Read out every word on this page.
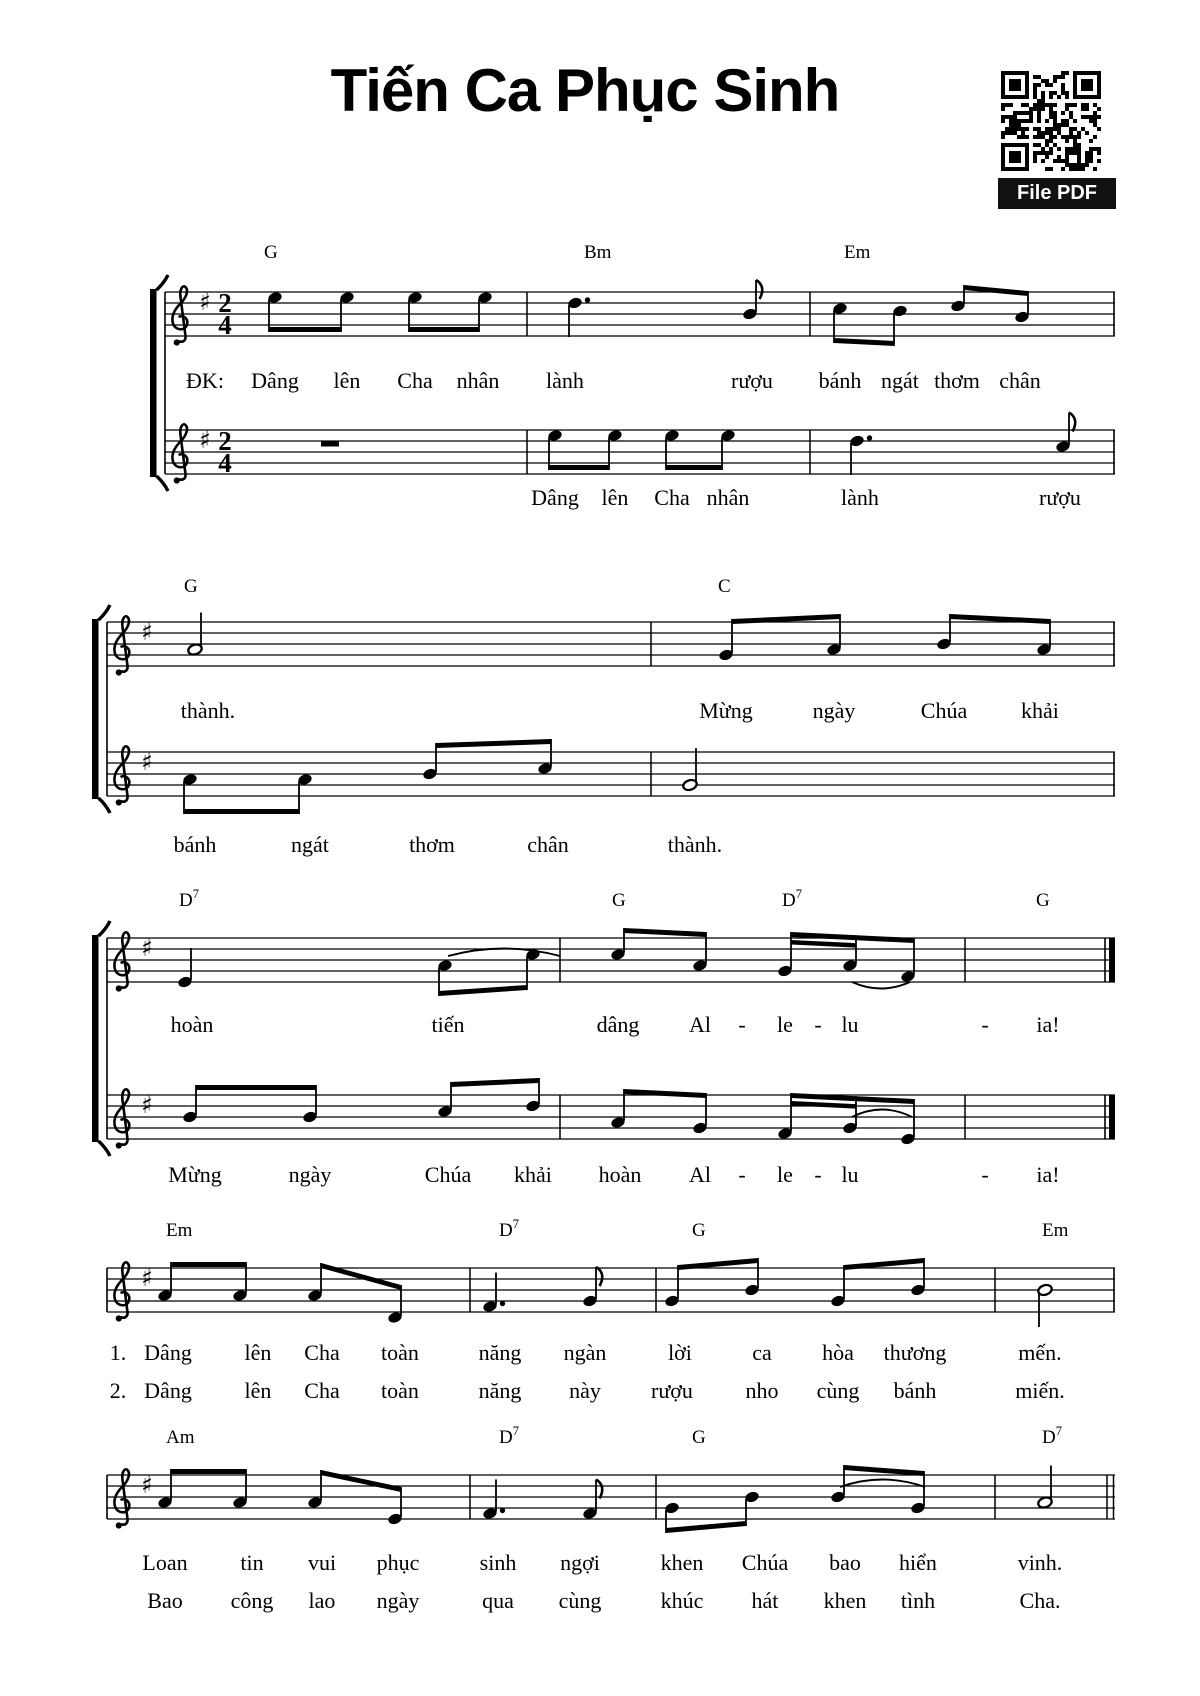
Tiến Ca Phục Sinh
File PDF
G	Bm	Em
♯ 2
4
ĐK: Dâng lên Cha nhân lành	rượu bánh ngát thơm chân
♯ 2
4
Dâng lên Cha nhân	lành	rượu
G	C
♯
thành.	Mừng	ngày	Chúa khải
♯
bánh	ngát	thơm	chân	thành.
$D^7$	G	$D^7$	G
♯
hoàn	tiến	dâng Al - le - lu	- ia!
♯
Mừng	ngày	Chúa khải hoàn Al - le - lu	- ia!
Em	$D^7$	G	Em
♯
1. Dâng lên Cha toàn	năng ngàn	lời	ca hòa thương	mến.
2. Dâng lên Cha toàn	năng này rượu nho cùng bánh	miến.
Am	$D^7$	G	$D^7$
♯
Loan tin vui phục	sinh ngợi	khen Chúa bao hiển	vinh.
Bao công lao ngày	qua cùng	khúc hát khen tình	Cha.
